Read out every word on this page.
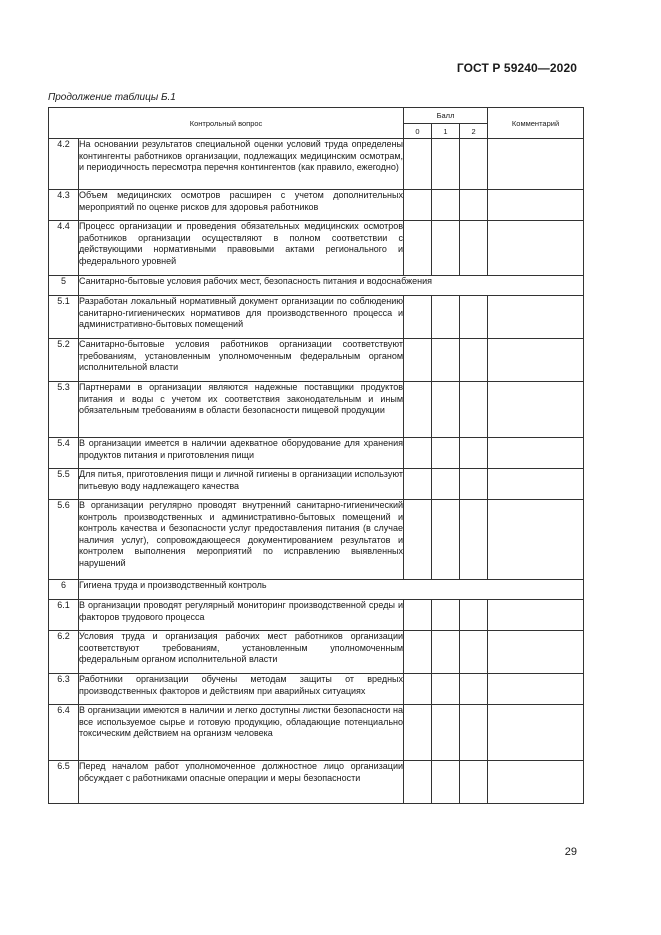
ГОСТ Р 59240—2020
Продолжение таблицы Б.1
Контрольный вопрос		Балл			Комментарий
		0	1	2	
4.2	На основании результатов специальной оценки условий труда определены контингенты работников организации, подлежащих медицинским осмотрам, и периодичность пересмотра перечня контингентов (как правило, ежегодно)				
4.3	Объем медицинских осмотров расширен с учетом дополнительных мероприятий по оценке рисков для здоровья работников				
4.4	Процесс организации и проведения обязательных медицинских осмотров работников организации осуществляют в полном соответствии с действующими нормативными правовыми актами регионального и федерального уровней				
5	Санитарно-бытовые условия рабочих мест, безопасность питания и водоснабжения				
5.1	Разработан локальный нормативный документ организации по соблюдению санитарно-гигиенических нормативов для производственного процесса и административно-бытовых помещений				
5.2	Санитарно-бытовые условия работников организации соответствуют требованиям, установленным уполномоченным федеральным органом исполнительной власти				
5.3	Партнерами в организации являются надежные поставщики продуктов питания и воды с учетом их соответствия законодательным и иным обязательным требованиям в области безопасности пищевой продукции				
5.4	В организации имеется в наличии адекватное оборудование для хранения продуктов питания и приготовления пищи				
5.5	Для питья, приготовления пищи и личной гигиены в организации используют питьевую воду надлежащего качества				
5.6	В организации регулярно проводят внутренний санитарно-гигиенический контроль производственных и административно-бытовых помещений и контроль качества и безопасности услуг предоставления питания (в случае наличия услуг), сопровождающееся документированием результатов и контролем выполнения мероприятий по исправлению выявленных нарушений				
6	Гигиена труда и производственный контроль				
6.1	В организации проводят регулярный мониторинг производственной среды и факторов трудового процесса				
6.2	Условия труда и организация рабочих мест работников организации соответствуют требованиям, установленным уполномоченным федеральным органом исполнительной власти				
6.3	Работники организации обучены методам защиты от вредных производственных факторов и действиям при аварийных ситуациях				
6.4	В организации имеются в наличии и легко доступны листки безопасности на все используемое сырье и готовую продукцию, обладающие потенциально токсическим действием на организм человека				
6.5	Перед началом работ уполномоченное должностное лицо организации обсуждает с работниками опасные операции и меры безопасности				
29
